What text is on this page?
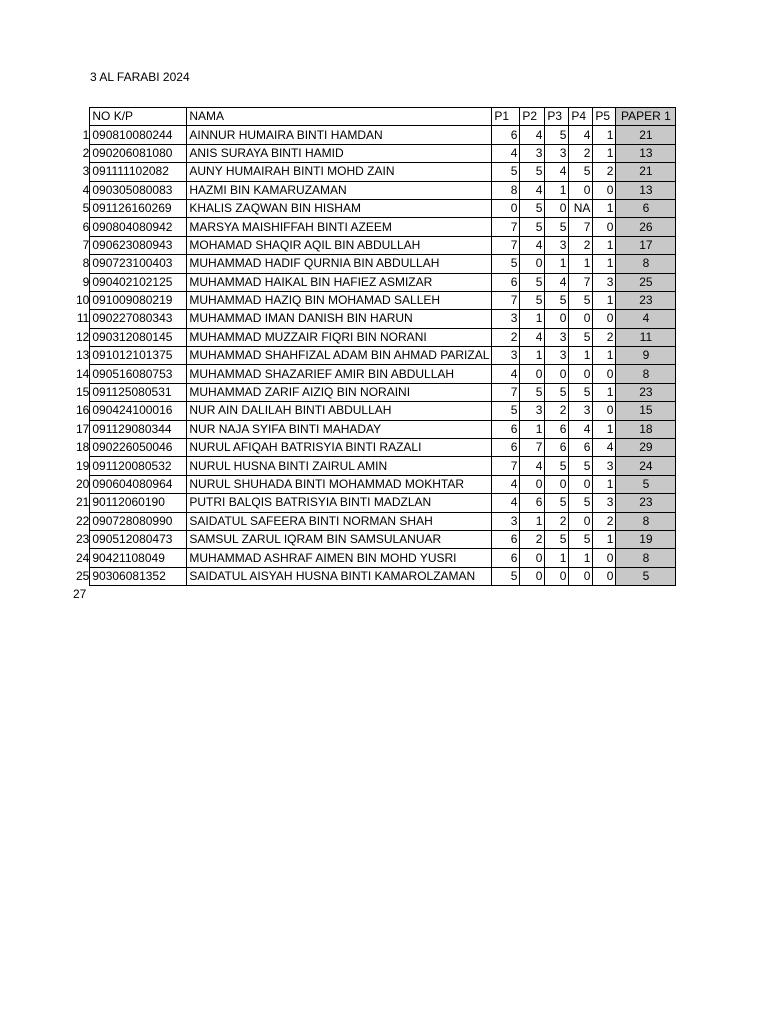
3 AL FARABI 2024
	NO K/P	NAMA	P1	P2	P3	P4	P5	PAPER 1
1	090810080244	AINNUR HUMAIRA BINTI HAMDAN	6	4	5	4	1	21
2	090206081080	ANIS SURAYA BINTI HAMID	4	3	3	2	1	13
3	091111102082	AUNY HUMAIRAH BINTI MOHD ZAIN	5	5	4	5	2	21
4	090305080083	HAZMI BIN KAMARUZAMAN	8	4	1	0	0	13
5	091126160269	KHALIS ZAQWAN BIN HISHAM	0	5	0	NA	1	6
6	090804080942	MARSYA MAISHIFFAH BINTI AZEEM	7	5	5	7	0	26
7	090623080943	MOHAMAD SHAQIR AQIL BIN ABDULLAH	7	4	3	2	1	17
8	090723100403	MUHAMMAD HADIF QURNIA BIN ABDULLAH	5	0	1	1	1	8
9	090402102125	MUHAMMAD HAIKAL BIN HAFIEZ ASMIZAR	6	5	4	7	3	25
10	091009080219	MUHAMMAD HAZIQ BIN MOHAMAD SALLEH	7	5	5	5	1	23
11	090227080343	MUHAMMAD IMAN DANISH BIN HARUN	3	1	0	0	0	4
12	090312080145	MUHAMMAD MUZZAIR FIQRI BIN NORANI	2	4	3	5	2	11
13	091012101375	MUHAMMAD SHAHFIZAL ADAM BIN AHMAD PARIZAL	3	1	3	1	1	9
14	090516080753	MUHAMMAD SHAZARIEF AMIR BIN ABDULLAH	4	0	0	0	0	8
15	091125080531	MUHAMMAD ZARIF AIZIQ BIN NORAINI	7	5	5	5	1	23
16	090424100016	NUR AIN DALILAH BINTI ABDULLAH	5	3	2	3	0	15
17	091129080344	NUR NAJA SYIFA BINTI MAHADAY	6	1	6	4	1	18
18	090226050046	NURUL AFIQAH BATRISYIA BINTI RAZALI	6	7	6	6	4	29
19	091120080532	NURUL HUSNA BINTI ZAIRUL AMIN	7	4	5	5	3	24
20	090604080964	NURUL SHUHADA BINTI MOHAMMAD MOKHTAR	4	0	0	0	1	5
21	90112060190	PUTRI BALQIS BATRISYIA BINTI MADZLAN	4	6	5	5	3	23
22	090728080990	SAIDATUL SAFEERA BINTI NORMAN SHAH	3	1	2	0	2	8
23	090512080473	SAMSUL ZARUL IQRAM BIN SAMSULANUAR	6	2	5	5	1	19
24	90421108049	MUHAMMAD ASHRAF AIMEN BIN MOHD YUSRI	6	0	1	1	0	8
25	90306081352	SAIDATUL AISYAH HUSNA BINTI KAMAROLZAMAN	5	0	0	0	0	5
27
